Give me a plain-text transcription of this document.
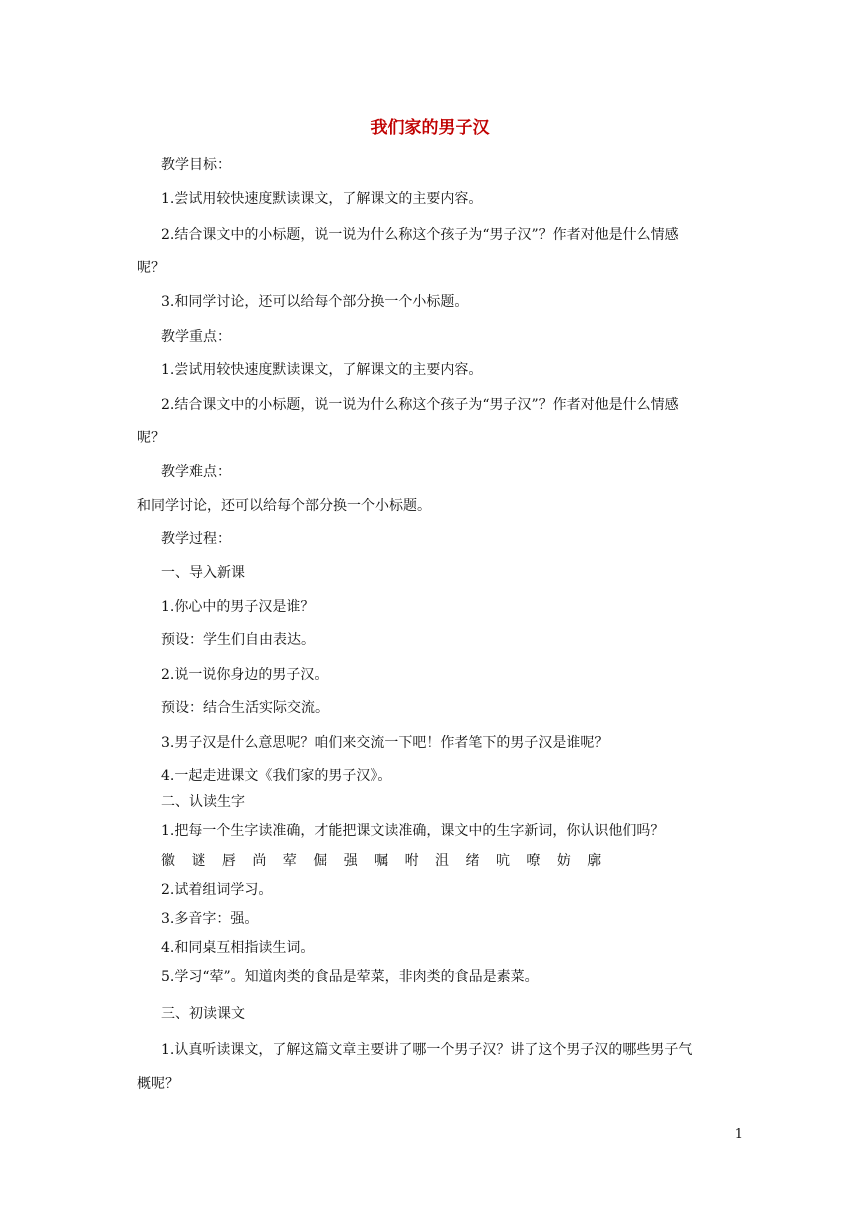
我们家的男子汉
教学目标：
1.尝试用较快速度默读课文，了解课文的主要内容。
2.结合课文中的小标题，说一说为什么称这个孩子为“男子汉”？作者对他是什么情感
呢？
3.和同学讨论，还可以给每个部分换一个小标题。
教学重点：
1.尝试用较快速度默读课文，了解课文的主要内容。
2.结合课文中的小标题，说一说为什么称这个孩子为“男子汉”？作者对他是什么情感
呢？
教学难点：
和同学讨论，还可以给每个部分换一个小标题。
教学过程：
一、导入新课
1.你心中的男子汉是谁？
预设：学生们自由表达。
2.说一说你身边的男子汉。
预设：结合生活实际交流。
3.男子汉是什么意思呢？咱们来交流一下吧！作者笔下的男子汉是谁呢？
4.一起走进课文《我们家的男子汉》。
二、认读生字
1.把每一个生字读准确，才能把课文读准确，课文中的生字新词，你认识他们吗？
徽 谜 唇 尚 荤 倔 强 嘱 咐 沮 绪 吭 嘹 妨 廓
2.试着组词学习。
3.多音字：强。
4.和同桌互相指读生词。
5.学习“荤”。知道肉类的食品是荤菜，非肉类的食品是素菜。
三、初读课文
1.认真听读课文，了解这篇文章主要讲了哪一个男子汉？讲了这个男子汉的哪些男子气
概呢？
1
